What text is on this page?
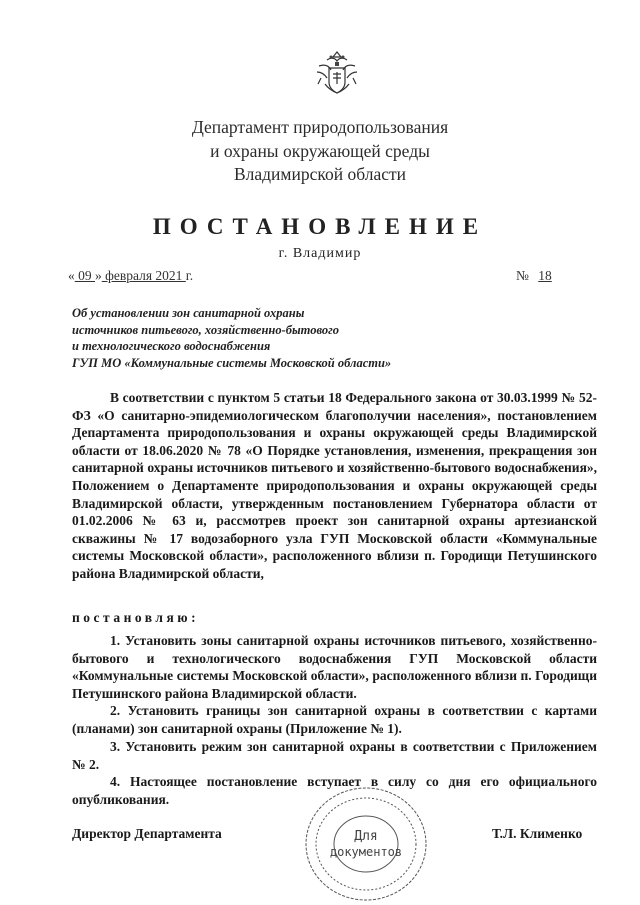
Департамент природопользования
и охраны окружающей среды
Владимирской области
ПОСТАНОВЛЕНИЕ
г. Владимир
« 09 » февраля 2021 г.	№ 18
Об установлении зон санитарной охраны
источников питьевого, хозяйственно-бытового
и технологического водоснабжения
ГУП МО «Коммунальные системы Московской области»

В соответствии с пунктом 5 статьи 18 Федерального закона от 30.03.1999 № 52-ФЗ «О санитарно-эпидемиологическом благополучии населения», постановлением Департамента природопользования и охраны окружающей среды Владимирской области от 18.06.2020 № 78 «О Порядке установления, изменения, прекращения зон санитарной охраны источников питьевого и хозяйственно-бытового водоснабжения», Положением о Департаменте природопользования и охраны окружающей среды Владимирской области, утвержденным постановлением Губернатора области от 01.02.2006 № 63 и, рассмотрев проект зон санитарной охраны артезианской скважины № 17 водозаборного узла ГУП Московской области «Коммунальные системы Московской области», расположенного вблизи п. Городищи Петушинского района Владимирской области,

постановляю:

1. Установить зоны санитарной охраны источников питьевого, хозяйственно-бытового и технологического водоснабжения ГУП Московской области «Коммунальные системы Московской области», расположенного вблизи п. Городищи Петушинского района Владимирской области.

2. Установить границы зон санитарной охраны в соответствии с картами (планами) зон санитарной охраны (Приложение № 1).

3. Установить режим зон санитарной охраны в соответствии с Приложением № 2.

4. Настоящее постановление вступает в силу со дня его официального опубликования.

Директор Департамента	Т.Л. Клименко
Для
документов
